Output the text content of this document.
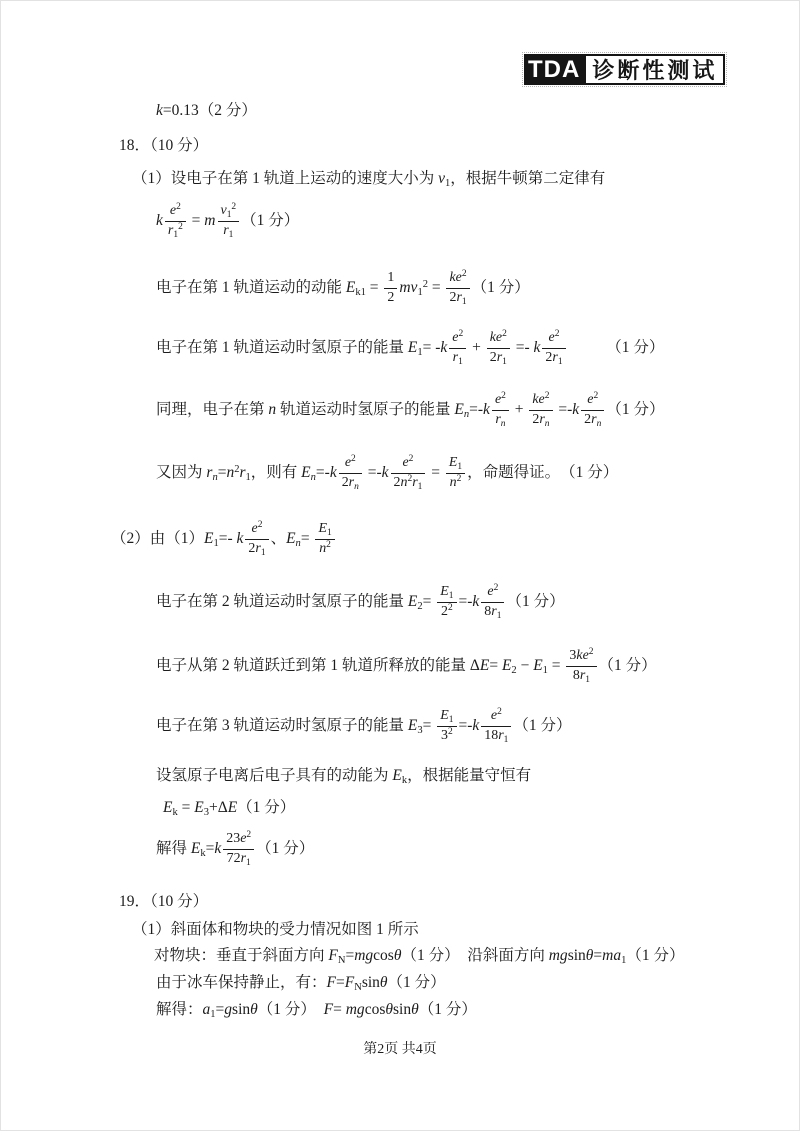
TDA 诊断性测试
k=0.13（2 分）
18．（10 分）
（1）设电子在第 1 轨道上运动的速度大小为 $v_1$，根据牛顿第二定律有
k $\frac{e^2}{r_1^2} = m \frac{v_1^2}{r_1} (1$ 分）
电子在第 1 轨道运动的动能 $E_{k1} = \frac{1}{2} mv_1^2 = \frac{ke^2}{2r_1} (1$ 分）
电子在第 1 轨道运动时氢原子的能量 $E_1= -k \frac{e^2}{r_1} + \frac{ke^2}{2r_1} =- k \frac{e^2}{2r_1}$ 　　　（1 分）
同理，电子在第 n 轨道运动时氢原子的能量 $E_n=-k \frac{e^2}{r_n} + \frac{ke^2}{2r_n} =-k \frac{e^2}{2r_n} (1$ 分）
又因为 $r_n=n^2r_1$，则有 $E_n=-k \frac{e^2}{2r_n} =-k \frac{e^2}{2n^2r_1} = \frac{E_1}{n^2}$ ，命题得证。　（1 分）
（2）由$(1)E_1=-$ k $\frac{e^2}{2r_1}$ 、$E_n= \frac{E_1}{n^2}$
电子在第 2 轨道运动时氢原子的能量 $E_2= \frac{E_1}{2^2} =-k \frac{e^2}{8r_1} (1$ 分）
电子从第 2 轨道跃迁到第 1 轨道所释放的能量 $\Delta E= E_2 - E_1 = \frac{3ke^2}{8r_1} (1$ 分）
电子在第 3 轨道运动时氢原子的能量 $E_3= \frac{E_1}{3^2} =-k \frac{e^2}{18r_1} (1$ 分）
设氢原子电离后电子具有的动能为 $E_k$，根据能量守恒有
$E_k = E_3+\Delta E(1$ 分）
解得 $E_k=k \frac{23e^2}{72r_1} (1$ 分）
19．（10 分）
（1）斜面体和物块的受力情况如图 1 所示
对物块：垂直于斜面方向 $F_N=mgcos\theta(1$ 分）　沿斜面方向 $mgsin\theta=ma_1(1$ 分）
由于冰车保持静止，有：$F=F_N\sin\theta(1$ 分）
解得：$a_1=gsin\theta(1$ 分）　F= mgcosθsinθ（1 分）
第2页 共4页
